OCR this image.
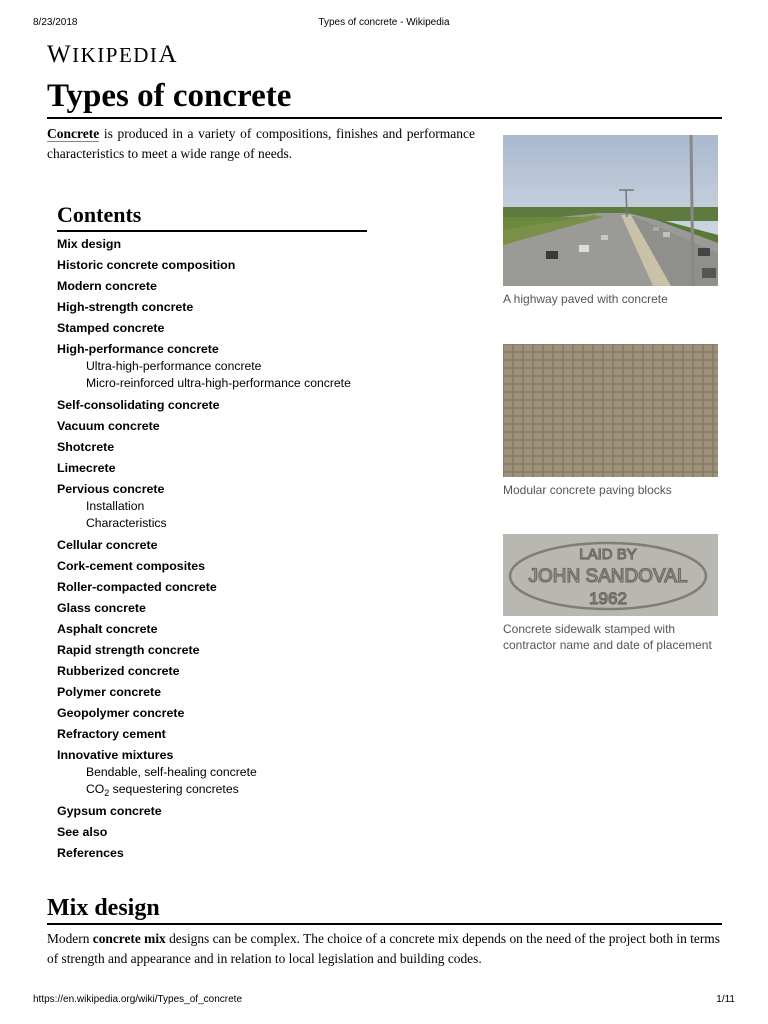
8/23/2018	Types of concrete - Wikipedia
WIKIPEDIA
Types of concrete

Concrete is produced in a variety of compositions, finishes and performance characteristics to meet a wide range of needs.

Contents
Mix design
Historic concrete composition
Modern concrete
High-strength concrete
Stamped concrete
High-performance concrete
Ultra-high-performance concrete
Micro-reinforced ultra-high-performance concrete
Self-consolidating concrete
Vacuum concrete
Shotcrete
Limecrete
Pervious concrete
Installation
Characteristics
Cellular concrete
Cork-cement composites
Roller-compacted concrete
Glass concrete
Asphalt concrete
Rapid strength concrete
Rubberized concrete
Polymer concrete
Geopolymer concrete
Refractory cement
Innovative mixtures
Bendable, self-healing concrete
$CO_2$ sequestering concretes
Gypsum concrete
See also
References
A highway paved with concrete
Modular concrete paving blocks
LAID BY
JOHN SANDOVAL
1962
Concrete sidewalk stamped with contractor name and date of placement
Mix design

Modern concrete mix designs can be complex. The choice of a concrete mix depends on the need of the project both in terms of strength and appearance and in relation to local legislation and building codes.

https://en.wikipedia.org/wiki/Types_of_concrete	1/11
